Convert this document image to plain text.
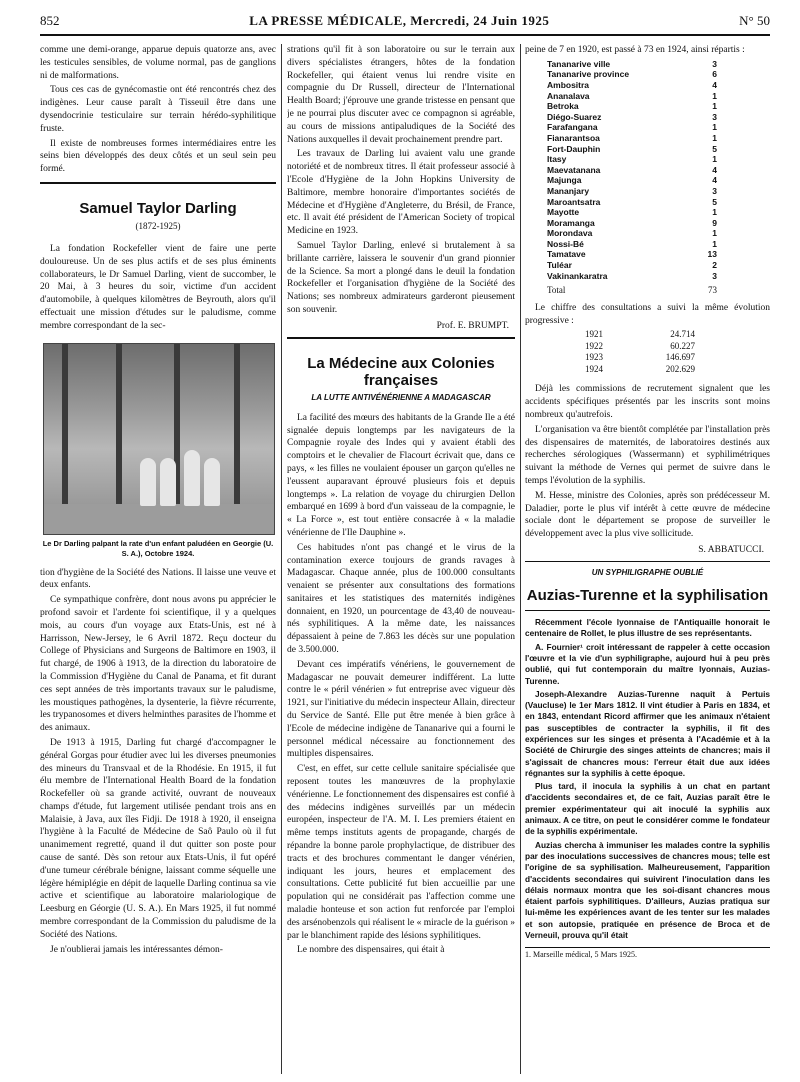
852	LA PRESSE MÉDICALE, Mercredi, 24 Juin 1925	N° 50

comme une demi-orange, apparue depuis quatorze ans, avec les testicules sensibles, de volume normal, pas de ganglions ni de malformations.

Tous ces cas de gynécomastie ont été rencontrés chez des indigènes. Leur cause paraît à Tisseuil être dans une dysendocrinie testiculaire sur terrain hérédo-syphilitique fruste.

Il existe de nombreuses formes intermédiaires entre les seins bien développés des deux côtés et un seul sein peu formé.

Samuel Taylor Darling
(1872-1925)

La fondation Rockefeller vient de faire une perte douloureuse. Un de ses plus actifs et de ses plus éminents collaborateurs, le Dr Samuel Darling, vient de succomber, le 20 Mai, à 3 heures du soir, victime d'un accident d'automobile, à quelques kilomètres de Beyrouth, alors qu'il effectuait une mission d'études sur le paludisme, comme membre correspondant de la sec-

Le Dr Darling palpant la rate d'un enfant paludéen en Georgie (U. S. A.), Octobre 1924.

tion d'hygiène de la Société des Nations. Il laisse une veuve et deux enfants.

Ce sympathique confrère, dont nous avons pu apprécier le profond savoir et l'ardente foi scientifique, il y a quelques mois, au cours d'un voyage aux Etats-Unis, est né à Harrisson, New-Jersey, le 6 Avril 1872. Reçu docteur du College of Physicians and Surgeons de Baltimore en 1903, il fut chargé, de 1906 à 1913, de la direction du laboratoire de la Commission d'Hygiène du Canal de Panama, et fit durant ces sept années de très importants travaux sur le paludisme, les moustiques pathogènes, la dysenterie, la fièvre récurrente, les trypanosomes et divers helminthes parasites de l'homme et des animaux.

De 1913 à 1915, Darling fut chargé d'accompagner le général Gorgas pour étudier avec lui les diverses pneumonies des mineurs du Transvaal et de la Rhodésie. En 1915, il fut élu membre de l'International Health Board de la fondation Rockefeller où sa grande activité, ouvrant de nouveaux champs d'étude, fut largement utilisée pendant trois ans en Malaisie, à Java, aux îles Fidji. De 1918 à 1920, il enseigna l'hygiène à la Faculté de Médecine de Saô Paulo où il fut unanimement regretté, quand il dut quitter son poste pour cause de santé. Dès son retour aux Etats-Unis, il fut opéré d'une tumeur cérébrale bénigne, laissant comme séquelle une légère hémiplégie en dépit de laquelle Darling continua sa vie active et scientifique au laboratoire malariologique de Leesburg en Géorgie (U. S. A.). En Mars 1925, il fut nommé membre correspondant de la Commission du paludisme de la Société des Nations.

Je n'oublierai jamais les intéressantes démon-

strations qu'il fit à son laboratoire ou sur le terrain aux divers spécialistes étrangers, hôtes de la fondation Rockefeller, qui étaient venus lui rendre visite en compagnie du Dr Russell, directeur de l'International Health Board; j'éprouve une grande tristesse en pensant que je ne pourrai plus discuter avec ce compagnon si agréable, au cours de missions antipaludiques de la Société des Nations auxquelles il devait prochainement prendre part.

Les travaux de Darling lui avaient valu une grande notoriété et de nombreux titres. Il était professeur associé à l'Ecole d'Hygiène de la John Hopkins University de Baltimore, membre honoraire d'importantes sociétés de Médecine et d'Hygiène d'Angleterre, du Brésil, de France, etc. Il avait été président de l'American Society of tropical Medicine en 1923.

Samuel Taylor Darling, enlevé si brutalement à sa brillante carrière, laissera le souvenir d'un grand pionnier de la Science. Sa mort a plongé dans le deuil la fondation Rockefeller et l'organisation d'hygiène de la Société des Nations; ses nombreux admirateurs garderont pieusement son souvenir.

Prof. E. BRUMPT.
La Médecine aux Colonies françaises
LA LUTTE ANTIVÉNÉRIENNE A MADAGASCAR

La facilité des mœurs des habitants de la Grande Ile a été signalée depuis longtemps par les navigateurs de la Compagnie royale des Indes qui y avaient établi des comptoirs et le chevalier de Flacourt écrivait que, dans ce pays, « les filles ne voulaient épouser un garçon qu'elles ne l'eussent auparavant éprouvé plusieurs fois et depuis longtemps ». La relation de voyage du chirurgien Dellon embarqué en 1699 à bord d'un vaisseau de la compagnie, le « La Force », est tout entière consacrée à « la maladie vénérienne de l'Ile Dauphine ».

Ces habitudes n'ont pas changé et le virus de la contamination exerce toujours de grands ravages à Madagascar. Chaque année, plus de 100.000 consultants venaient se présenter aux consultations des formations sanitaires et les statistiques des maternités indigènes donnaient, en 1920, un pourcentage de 43,40 de nouveau-nés syphilitiques. A la même date, les naissances dépassaient à peine de 7.863 les décès sur une population de 3.500.000.

Devant ces impératifs vénériens, le gouvernement de Madagascar ne pouvait demeurer indifférent. La lutte contre le « péril vénérien » fut entreprise avec vigueur dès 1921, sur l'initiative du médecin inspecteur Allain, directeur du Service de Santé. Elle put être menée à bien grâce à l'Ecole de médecine indigène de Tananarive qui a fourni le personnel médical nécessaire au fonctionnement des multiples dispensaires.

C'est, en effet, sur cette cellule sanitaire spécialisée que reposent toutes les manœuvres de la prophylaxie vénérienne. Le fonctionnement des dispensaires est confié à des médecins indigènes surveillés par un médecin européen, inspecteur de l'A. M. I. Les premiers étaient en même temps instituts agents de propagande, chargés de répandre la bonne parole prophylactique, de distribuer des tracts et des brochures commentant le danger vénérien, indiquant les jours, heures et emplacement des consultations. Cette publicité fut bien accueillie par une population qui ne considérait pas l'affection comme une maladie honteuse et son action fut renforcée par l'emploi des arsénobenzols qui réalisent le « miracle de la guérison » par le blanchiment rapide des lésions syphilitiques.

Le nombre des dispensaires, qui était à

peine de 7 en 1920, est passé à 73 en 1924, ainsi répartis :

Tananarive ville	3
Tananarive province	6
Ambositra	4
Ananalava	1
Betroka	1
Diégo-Suarez	3
Farafangana	1
Fianarantsoa	1
Fort-Dauphin	5
Itasy	1
Maevatanana	4
Majunga	4
Mananjary	3
Maroantsatra	5
Mayotte	1
Moramanga	9
Morondava	1
Nossi-Bé	1
Tamatave	13
Tuléar	2
Vakinankaratra	3
Total	73

Le chiffre des consultations a suivi la même évolution progressive :

1921	24.714
1922	60.227
1923	146.697
1924	202.629

Déjà les commissions de recrutement signalent que les accidents spécifiques présentés par les inscrits sont moins nombreux qu'autrefois.

L'organisation va être bientôt complétée par l'installation près des dispensaires de maternités, de laboratoires destinés aux recherches sérologiques (Wassermann) et syphilimétriques suivant la méthode de Vernes qui permet de suivre dans le temps l'évolution de la syphilis.

M. Hesse, ministre des Colonies, après son prédécesseur M. Daladier, porte le plus vif intérêt à cette œuvre de médecine sociale dont le département se propose de surveiller le développement avec la plus vive sollicitude.

S. ABBATUCCI.
UN SYPHILIGRAPHE OUBLIÉ
Auzias-Turenne et la syphilisation

Récemment l'école lyonnaise de l'Antiquaille honorait le centenaire de Rollet, le plus illustre de ses représentants.

A. Fournier¹ croit intéressant de rappeler à cette occasion l'œuvre et la vie d'un syphiligraphe, aujourd hui à peu près oublié, qui fut contemporain du maître lyonnais, Auzias-Turenne.

Joseph-Alexandre Auzias-Turenne naquit à Pertuis (Vaucluse) le 1er Mars 1812. Il vint étudier à Paris en 1834, et en 1843, entendant Ricord affirmer que les animaux n'étaient pas susceptibles de contracter la syphilis, il fit des expériences sur les singes et présenta à l'Académie et à la Société de Chirurgie des singes atteints de chancres; mais il s'agissait de chancres mous: l'erreur était due aux idées régnantes sur la syphilis à cette époque.

Plus tard, il inocula la syphilis à un chat en partant d'accidents secondaires et, de ce fait, Auzias paraît être le premier expérimentateur qui ait inoculé la syphilis aux animaux. A ce titre, on peut le considérer comme le fondateur de la syphilis expérimentale.

Auzias chercha à immuniser les malades contre la syphilis par des inoculations successives de chancres mous; telle est l'origine de sa syphilisation. Malheureusement, l'apparition d'accidents secondaires qui suivirent l'inoculation dans les délais normaux montra que les soi-disant chancres mous étaient parfois syphilitiques. D'ailleurs, Auzias pratiqua sur lui-même les expériences avant de les tenter sur les malades et son autopsie, pratiquée en présence de Broca et de Verneuil, prouva qu'il était

1. Marseille médical, 5 Mars 1925.
